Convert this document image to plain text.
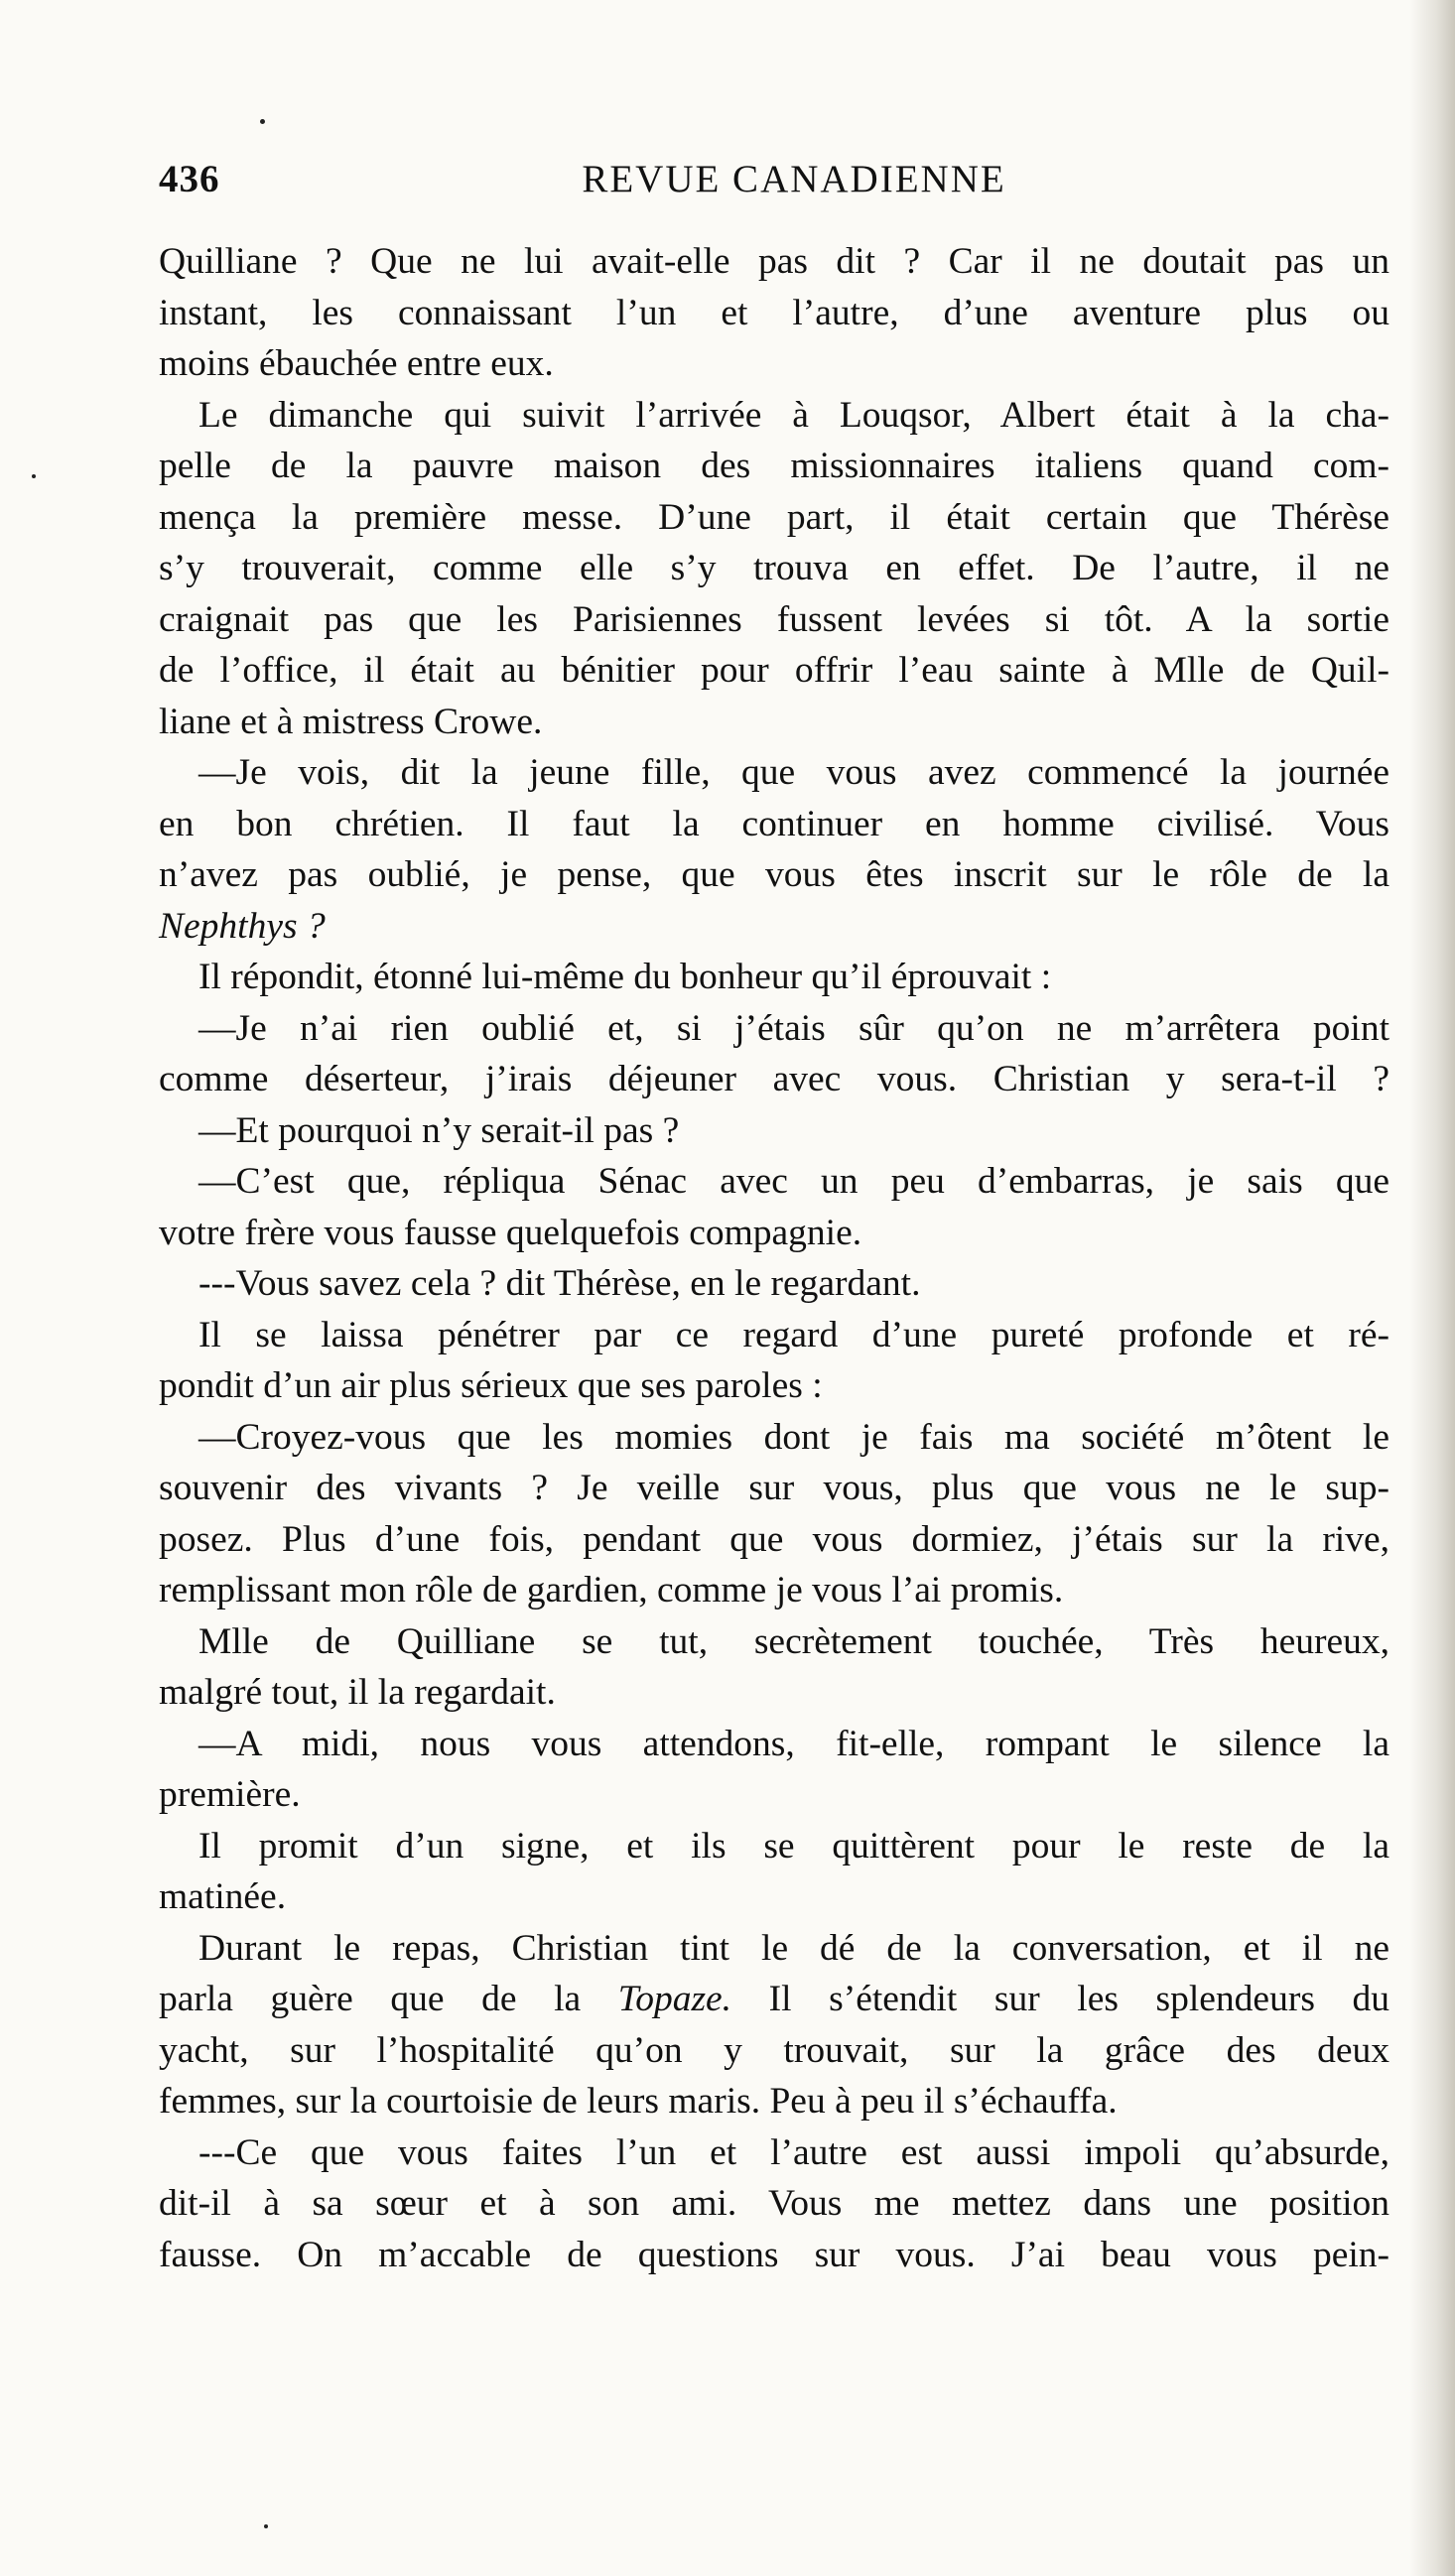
436	REVUE CANADIENNE
Quilliane ? Que ne lui avait-elle pas dit ? Car il ne doutait pas un
instant, les connaissant l’un et l’autre, d’une aventure plus ou
moins ébauchée entre eux.
Le dimanche qui suivit l’arrivée à Louqsor, Albert était à la cha-
pelle de la pauvre maison des missionnaires italiens quand com-
mença la première messe. D’une part, il était certain que Thérèse
s’y trouverait, comme elle s’y trouva en effet. De l’autre, il ne
craignait pas que les Parisiennes fussent levées si tôt. A la sortie
de l’office, il était au bénitier pour offrir l’eau sainte à Mlle de Quil-
liane et à mistress Crowe.
—Je vois, dit la jeune fille, que vous avez commencé la journée
en bon chrétien. Il faut la continuer en homme civilisé. Vous
n’avez pas oublié, je pense, que vous êtes inscrit sur le rôle de la
Nephthys ?
Il répondit, étonné lui-même du bonheur qu’il éprouvait :
—Je n’ai rien oublié et, si j’étais sûr qu’on ne m’arrêtera point
comme déserteur, j’irais déjeuner avec vous. Christian y sera-t-il ?
—Et pourquoi n’y serait-il pas ?
—C’est que, répliqua Sénac avec un peu d’embarras, je sais que
votre frère vous fausse quelquefois compagnie.
---Vous savez cela ? dit Thérèse, en le regardant.
Il se laissa pénétrer par ce regard d’une pureté profonde et ré-
pondit d’un air plus sérieux que ses paroles :
—Croyez-vous que les momies dont je fais ma société m’ôtent le
souvenir des vivants ? Je veille sur vous, plus que vous ne le sup-
posez. Plus d’une fois, pendant que vous dormiez, j’étais sur la rive,
remplissant mon rôle de gardien, comme je vous l’ai promis.
Mlle de Quilliane se tut, secrètement touchée, Très heureux,
malgré tout, il la regardait.
—A midi, nous vous attendons, fit-elle, rompant le silence la
première.
Il promit d’un signe, et ils se quittèrent pour le reste de la
matinée.
Durant le repas, Christian tint le dé de la conversation, et il ne
parla guère que de la Topaze. Il s’étendit sur les splendeurs du
yacht, sur l’hospitalité qu’on y trouvait, sur la grâce des deux
femmes, sur la courtoisie de leurs maris. Peu à peu il s’échauffa.
---Ce que vous faites l’un et l’autre est aussi impoli qu’absurde,
dit-il à sa sœur et à son ami. Vous me mettez dans une position
fausse. On m’accable de questions sur vous. J’ai beau vous pein-
